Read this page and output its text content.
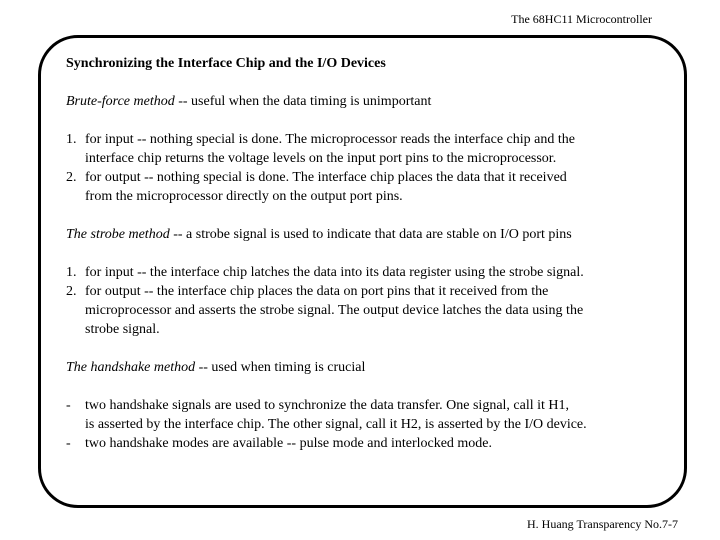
The 68HC11 Microcontroller
Synchronizing the Interface Chip and the I/O Devices
Brute-force method -- useful when the data timing is unimportant
1. for input -- nothing special is done. The microprocessor reads the interface chip and the
interface chip returns the voltage levels on the input port pins to the microprocessor.
2. for output -- nothing special is done. The interface chip places the data that it received
from the microprocessor directly on the output port pins.
The strobe method -- a strobe signal is used to indicate that data are stable on I/O port pins
1. for input -- the interface chip latches the data into its data register using the strobe signal.
2. for output -- the interface chip places the data on port pins that it received from the
microprocessor and asserts the strobe signal. The output device latches the data using the
strobe signal.
The handshake method -- used when timing is crucial
- two handshake signals are used to synchronize the data transfer. One signal, call it H1,
is asserted by the interface chip. The other signal, call it H2, is asserted by the I/O device.
- two handshake modes are available -- pulse mode and interlocked mode.
H. Huang Transparency No.7-7
